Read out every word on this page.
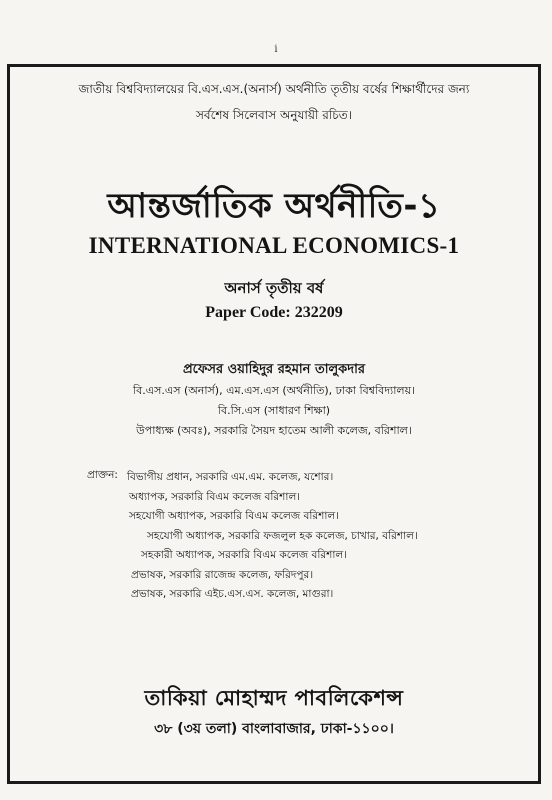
i
জাতীয় বিশ্ববিদ্যালয়ের বি.এস.এস.(অনার্স) অর্থনীতি তৃতীয় বর্ষের শিক্ষার্থীদের জন্য
সর্বশেষ সিলেবাস অনুযায়ী রচিত।
আন্তর্জাতিক অর্থনীতি-১
INTERNATIONAL ECONOMICS-1
অনার্স তৃতীয় বর্ষ
Paper Code: 232209
প্রফেসর ওয়াহিদুর রহমান তালুকদার
বি.এস.এস (অনার্স), এম.এস.এস (অর্থনীতি), ঢাকা বিশ্ববিদ্যালয়।
বি.সি.এস (সাধারণ শিক্ষা)
উপাধ্যক্ষ (অবঃ), সরকারি সৈয়দ হাতেম আলী কলেজ, বরিশাল।
প্রাক্তন: বিভাগীয় প্রধান, সরকারি এম.এম. কলেজ, যশোর।
অধ্যাপক, সরকারি বিএম কলেজ বরিশাল।
সহযোগী অধ্যাপক, সরকারি বিএম কলেজ বরিশাল।
সহযোগী অধ্যাপক, সরকারি ফজলুল হক কলেজ, চাখার, বরিশাল।
সহকারী অধ্যাপক, সরকারি বিএম কলেজ বরিশাল।
প্রভাষক, সরকারি রাজেন্দ্র কলেজ, ফরিদপুর।
প্রভাষক, সরকারি এইচ.এস.এস. কলেজ, মাগুরা।
তাকিয়া মোহাম্মদ পাবলিকেশন্স
৩৮ (৩য় তলা) বাংলাবাজার, ঢাকা-১১০০।
